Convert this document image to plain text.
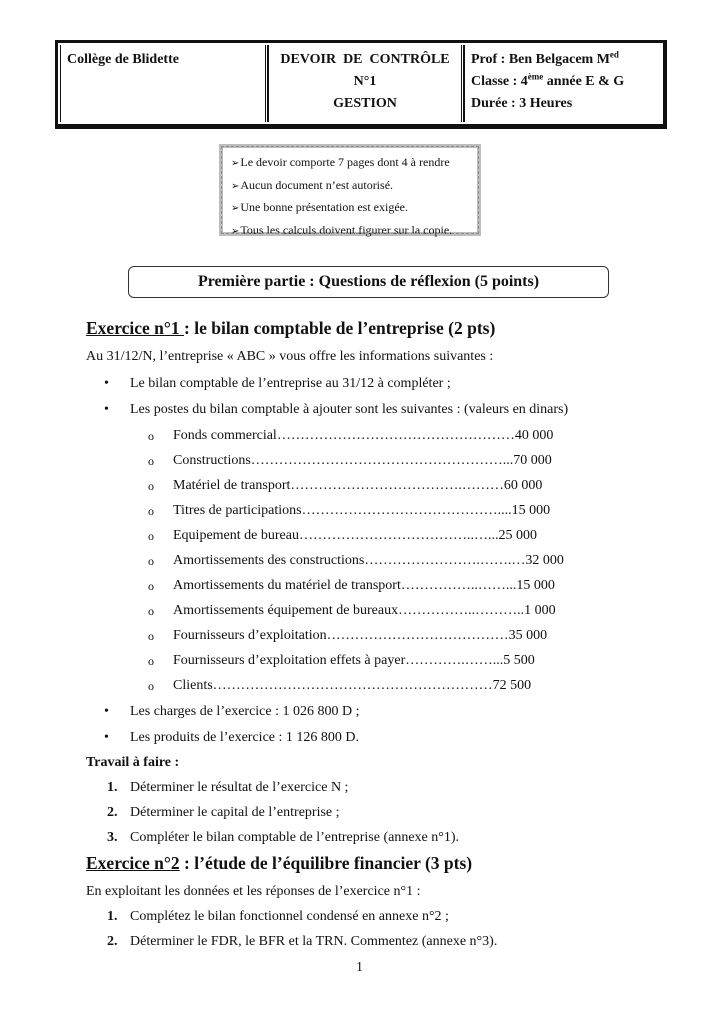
Collège de Blidette	DEVOIR  DE  CONTRÔLE
N°1
GESTION
Prof : Ben Belgacem $M^{ed}$
Classe : 4ème année E & G
Durée : 3 Heures
➢Le devoir comporte 7 pages dont 4 à rendre
➢Aucun document n’est autorisé.
➢Une bonne présentation est exigée.
➢Tous les calculs doivent figurer sur la copie.
Première partie : Questions de réflexion (5 points)
Exercice n°1 : le bilan comptable de l’entreprise (2 pts)
Au 31/12/N, l’entreprise « ABC » vous offre les informations suivantes :
• Le bilan comptable de l’entreprise au 31/12 à compléter ;
• Les postes du bilan comptable à ajouter sont les suivantes : (valeurs en dinars)
o Fonds commercial……………………………………………40 000
o Constructions………………………………………………...70 000
o Matériel de transport……………………………….………60 000
o Titres de participations……………………………………....15 000
o Equipement de bureau………………………………..…...25 000
o Amortissements des constructions…………………….…….…32 000
o Amortissements du matériel de transport……………..……...15 000
o Amortissements équipement de bureaux……………..………..1 000
o Fournisseurs d’exploitation…………………………………35 000
o Fournisseurs d’exploitation effets à payer………….……...5 500
o Clients……………………………………………………72 500
• Les charges de l’exercice : 1 026 800 D ;
• Les produits de l’exercice : 1 126 800 D.
Travail à faire :
1. Déterminer le résultat de l’exercice N ;
2. Déterminer le capital de l’entreprise ;
3. Compléter le bilan comptable de l’entreprise (annexe n°1).
Exercice n°2 : l’étude de l’équilibre financier (3 pts)
En exploitant les données et les réponses de l’exercice n°1 :
1. Complétez le bilan fonctionnel condensé en annexe n°2 ;
2. Déterminer le FDR, le BFR et la TRN. Commentez (annexe n°3).
1
